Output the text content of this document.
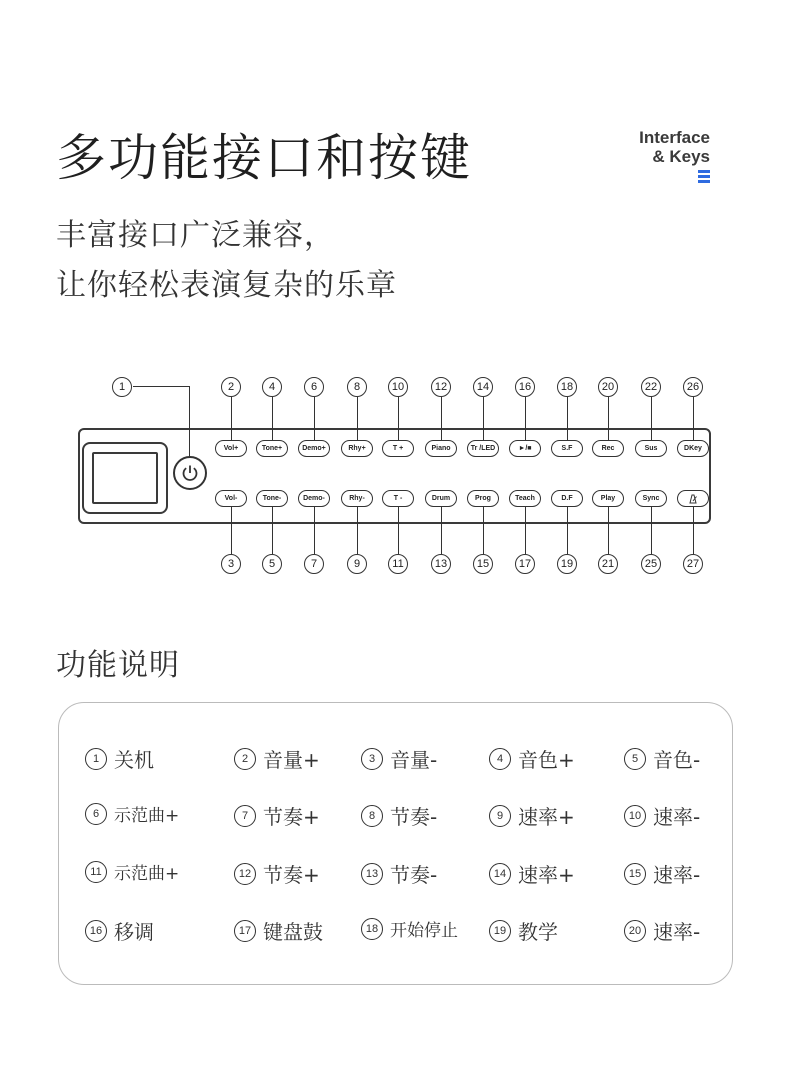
多功能接口和按键	Interface
& Keys
丰富接口广泛兼容，
让你轻松表演复杂的乐章
1	2
Vol+
4
Tone+
6
Demo+
8
Rhy+
10
T +
12
Piano
14
Tr /LED
16
►/■
18
S.F
20
Rec
22
Sus
26
DKey
Vol-
3
Tone-
5
Demo-
7
Rhy-
9
T -
11
Drum
13
Prog
15
Teach
17
D.F
19
Play
21
Sync
25	27
功能说明
1 关机	2 音量+	3 音量-	4 音色+	5 音色-
6 示范曲+	7 节奏+	8 节奏-	9 速率+	10 速率-
11 示范曲+	12 节奏+	13 节奏-	14 速率+	15 速率-
16 移调	17 键盘鼓	18 开始停止	19 教学	20 速率-
